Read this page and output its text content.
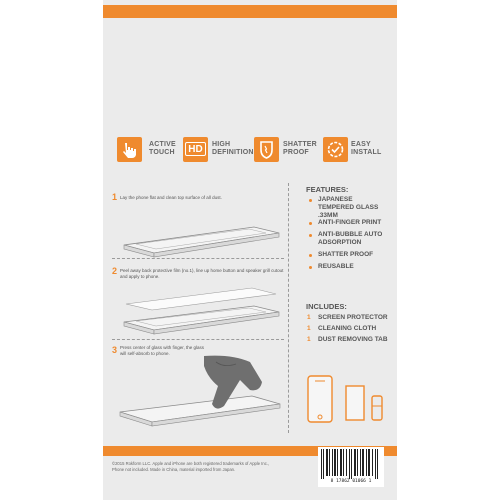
ACTIVE
TOUCH	HD	HIGH
DEFINITION
SHATTER
PROOF
EASY
INSTALL
1 Lay the phone flat and clean top surface of all dust.
2 Peel away back protective film (no.1), line up home button and speaker grill cutout and apply to phone.
3 Press center of glass with finger, the glass will self-absorb to phone.
FEATURES:
JAPANESE TEMPERED GLASS .33MM
ANTI-FINGER PRINT
ANTI-BUBBLE AUTO ADSORPTION
SHATTER PROOF
REUSABLE
INCLUDES:
1 SCREEN PROTECTOR
1 CLEANING CLOTH
1 DUST REMOVING TAB
©2015 Rokform LLC. Apple and iPhone are both registered trademarks of Apple Inc., Phone not included. Made in China, material imported from Japan.
8 17862 01066 1
